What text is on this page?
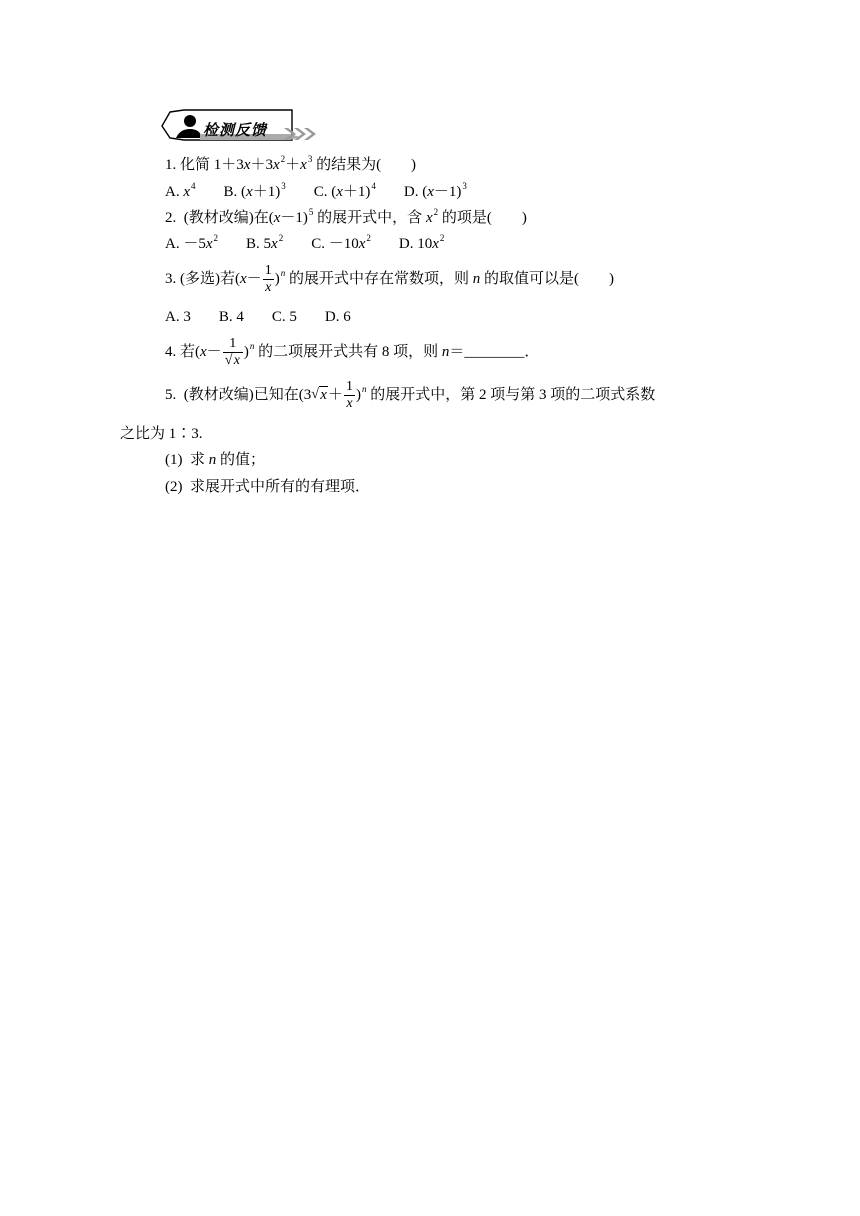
检测反馈
1. 化简 $1+3x+3x^2+x^3$ 的结果为(　　)
A. $x^4$ B. $(x+1)^3$ C. $(x+1)^4$ D. $(x-1)^3$
2. (教材改编)在$(x-1)^5$ 的展开式中，含 $x^2$ 的项是(　　)
A. $-5x^2$ B. $5x^2$ C. $-10x^2$ D. $10x^2$
3. (多选)若$(x- \frac{1}{x} )^n$ 的展开式中存在常数项，则 n 的取值可以是(　　)
A. 3 B. 4 C. 5 D. 6
4. 若$(x- \frac{1}{√ x} )^n$ 的二项展开式共有 8 项，则 n＝________．
5. (教材改编)已知在(3 √ $x+ \frac{1}{x} )^n$ 的展开式中，第 2 项与第 3 项的二项式系数
之比为 1∶3.
(1) 求 n 的值；
(2) 求展开式中所有的有理项．
